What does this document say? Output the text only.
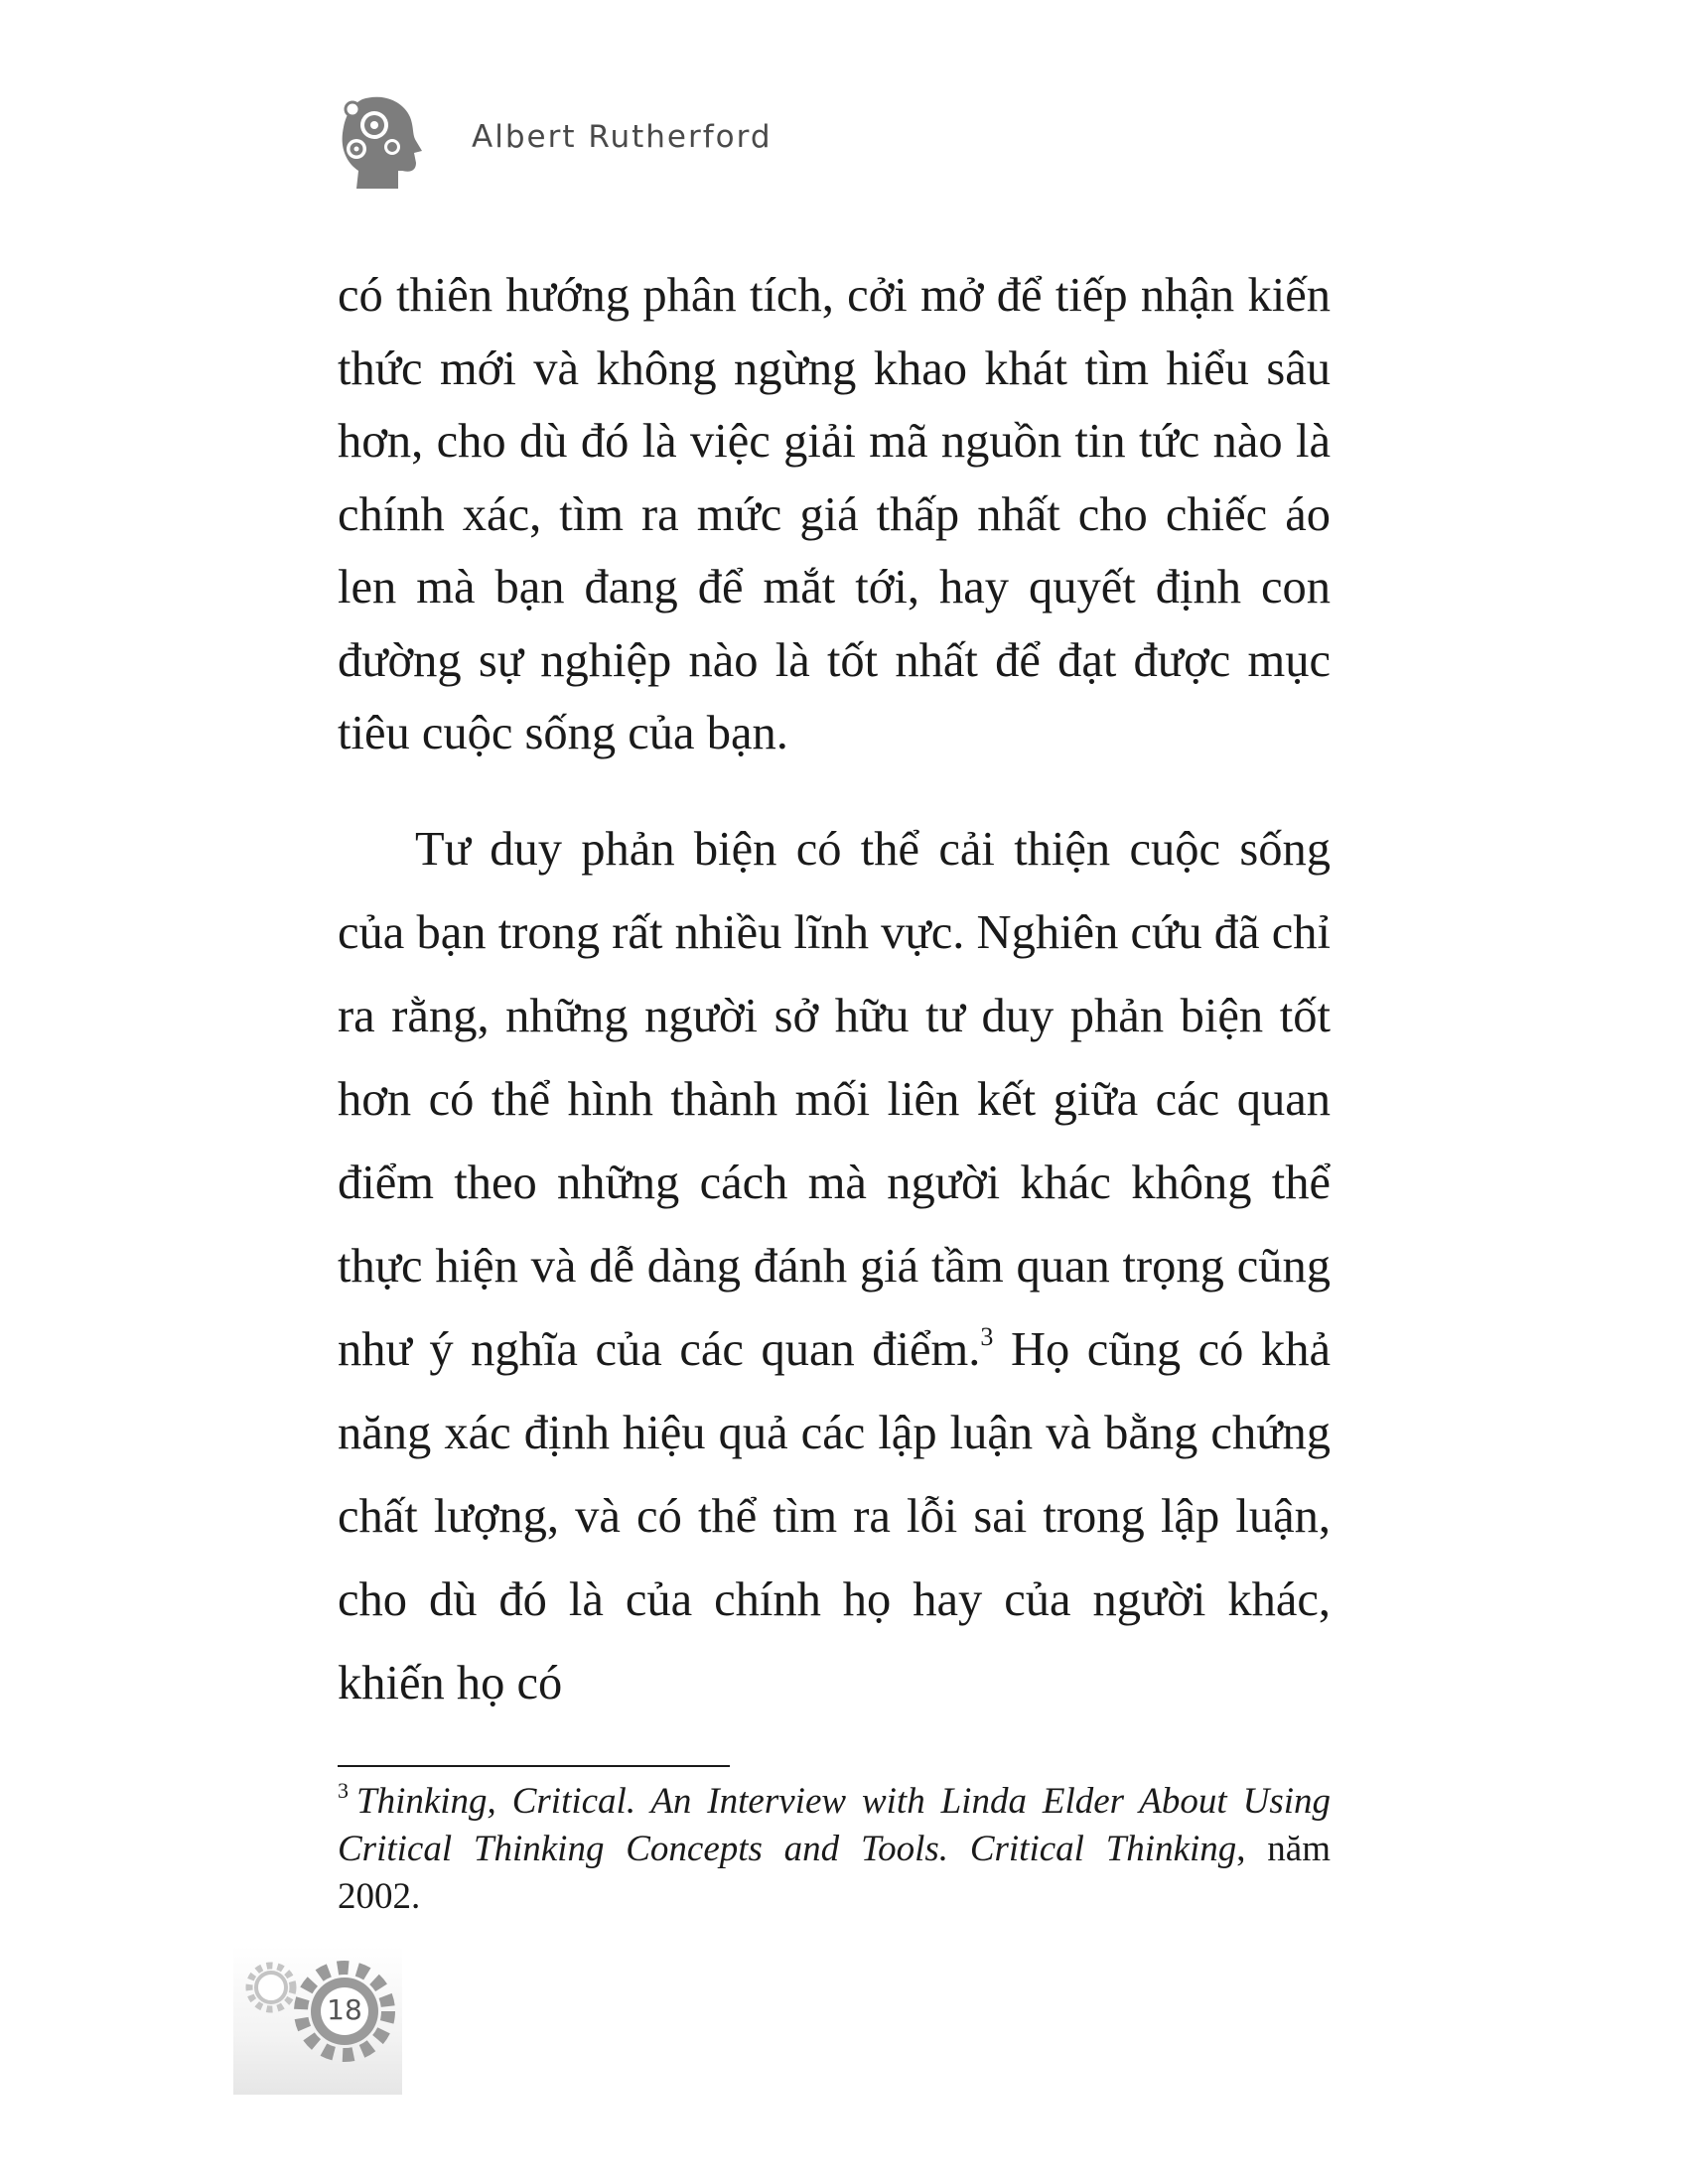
Albert Rutherford

có thiên hướng phân tích, cởi mở để tiếp nhận kiến thức mới và không ngừng khao khát tìm hiểu sâu hơn, cho dù đó là việc giải mã nguồn tin tức nào là chính xác, tìm ra mức giá thấp nhất cho chiếc áo len mà bạn đang để mắt tới, hay quyết định con đường sự nghiệp nào là tốt nhất để đạt được mục tiêu cuộc sống của bạn.

Tư duy phản biện có thể cải thiện cuộc sống của bạn trong rất nhiều lĩnh vực. Nghiên cứu đã chỉ ra rằng, những người sở hữu tư duy phản biện tốt hơn có thể hình thành mối liên kết giữa các quan điểm theo những cách mà người khác không thể thực hiện và dễ dàng đánh giá tầm quan trọng cũng như ý nghĩa của các quan điểm.$^3$ Họ cũng có khả năng xác định hiệu quả các lập luận và bằng chứng chất lượng, và có thể tìm ra lỗi sai trong lập luận, cho dù đó là của chính họ hay của người khác, khiến họ có

$^3$ Thinking, Critical. An Interview with Linda Elder About Using Critical Thinking Concepts and Tools. Critical Thinking, năm 2002.

18
